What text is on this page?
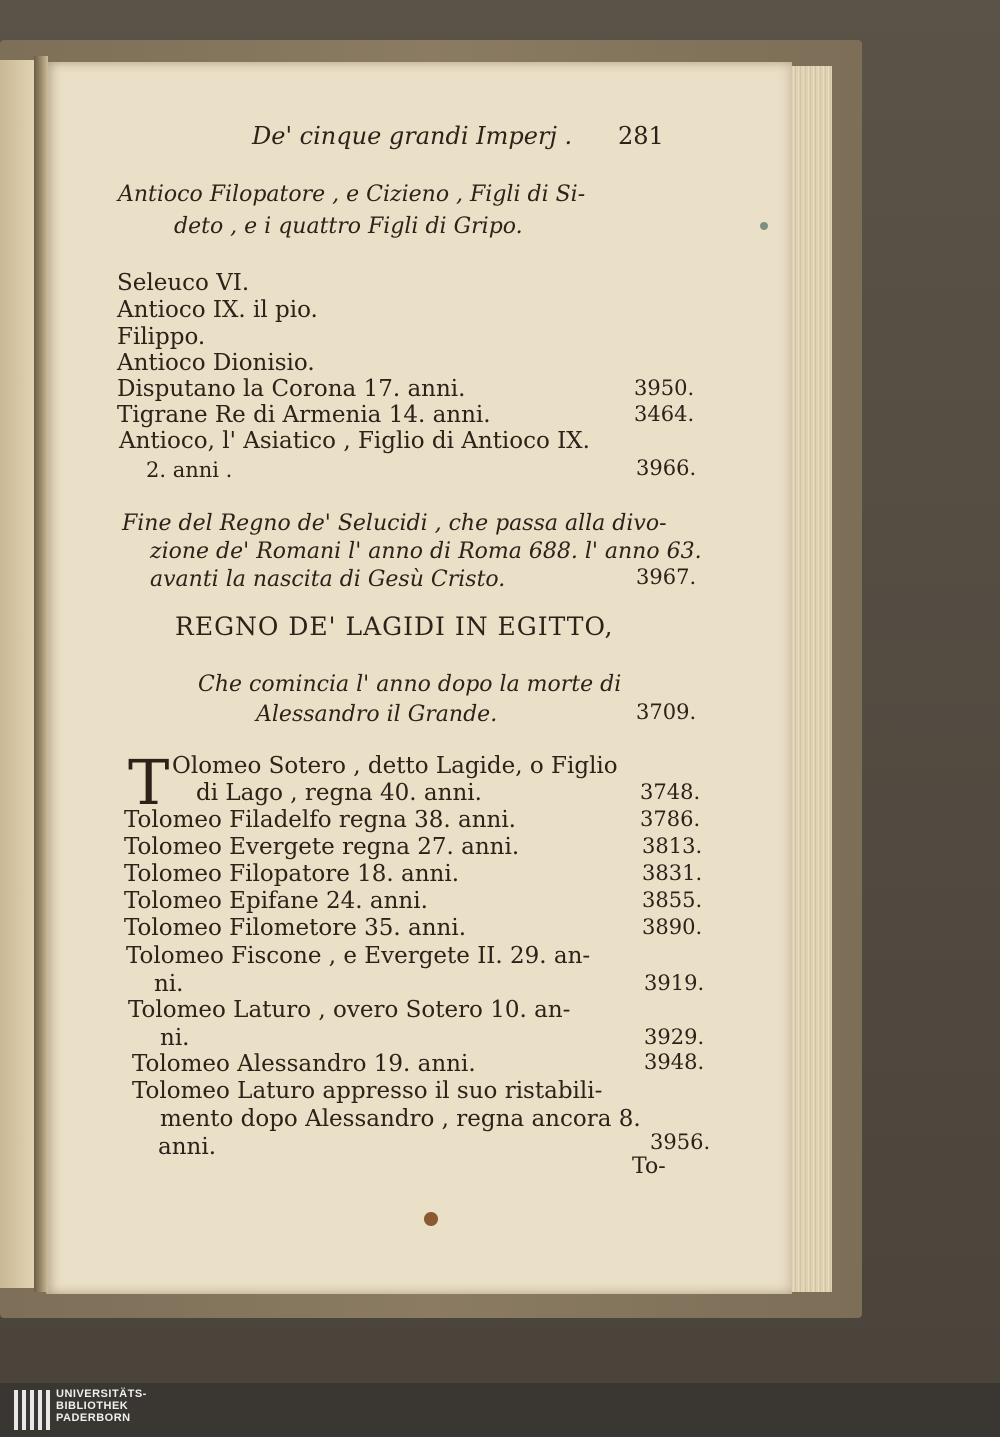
De' cinque grandi Imperj . 281
Antioco Filopatore , e Cizieno , Figli di Si-
deto , e i quattro Figli di Gripo.
Seleuco VI.
Antioco IX. il pio.
Filippo.
Antioco Dionisio.
Disputano la Corona 17. anni.	3950.
Tigrane Re di Armenia 14. anni.	3464.
Antioco, l' Asiatico , Figlio di Antioco IX.
2. anni .	3966.
Fine del Regno de' Selucidi , che passa alla divo-
zione de' Romani l' anno di Roma 688. l' anno 63.
avanti la nascita di Gesù Cristo.	3967.
REGNO DE' LAGIDI IN EGITTO,
Che comincia l' anno dopo la morte di
Alessandro il Grande.	3709.
T Olomeo Sotero , detto Lagide, o Figlio
di Lago , regna 40. anni.	3748.
Tolomeo Filadelfo regna 38. anni.	3786.
Tolomeo Evergete regna 27. anni.	3813.
Tolomeo Filopatore 18. anni.	3831.
Tolomeo Epifane 24. anni.	3855.
Tolomeo Filometore 35. anni.	3890.
Tolomeo Fiscone , e Evergete II. 29. an-
ni.	3919.
Tolomeo Laturo , overo Sotero 10. an-
ni.	3929.
Tolomeo Alessandro 19. anni.	3948.
Tolomeo Laturo appresso il suo ristabili-
mento dopo Alessandro , regna ancora 8.
anni.	3956.
To-
UNIVERSITÄTS-
BIBLIOTHEK
PADERBORN
